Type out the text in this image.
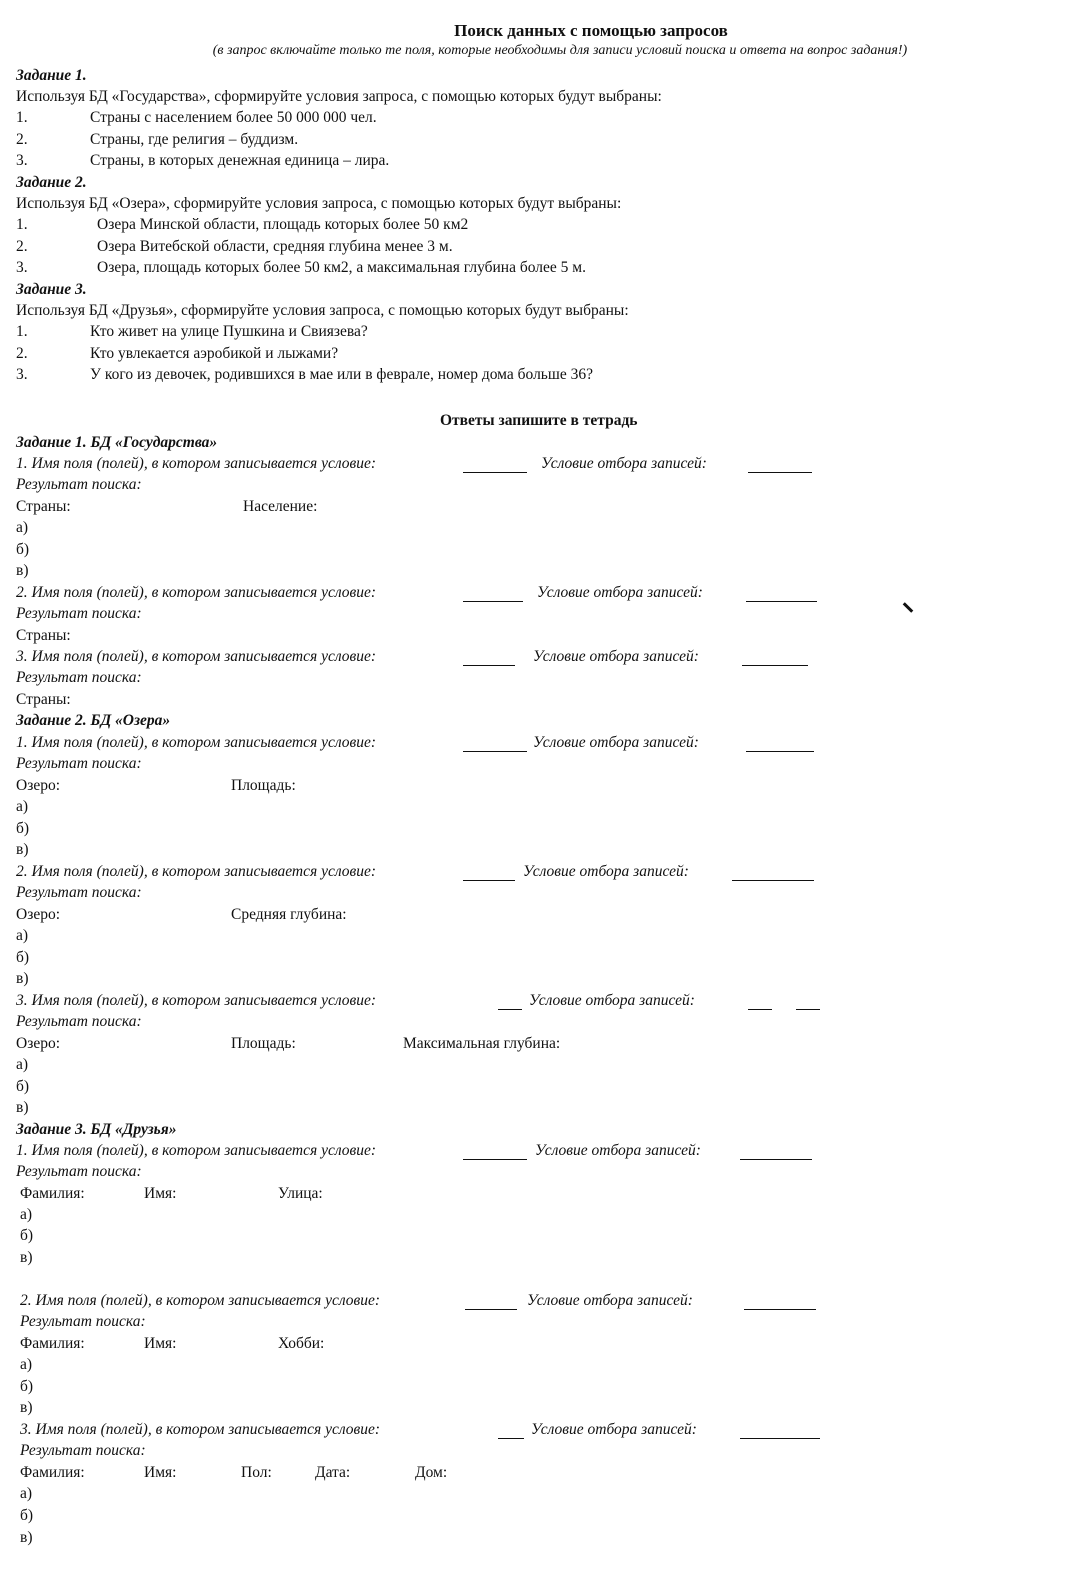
Поиск данных с помощью запросов
(в запрос включайте только те поля, которые необходимы для записи условий поиска и ответа на вопрос задания!)
Задание 1.
Используя БД «Государства», сформируйте условия запроса, с помощью которых будут выбраны:
1.	Страны с населением более 50 000 000 чел.
2.	Страны, где религия – буддизм.
3.	Страны, в которых денежная единица – лира.
Задание 2.
Используя БД «Озера», сформируйте условия запроса, с помощью которых будут выбраны:
1.	Озера Минской области, площадь которых более 50 км2
2.	Озера Витебской области, средняя глубина менее 3 м.
3.	Озера, площадь которых более 50 км2, а максимальная глубина более 5 м.
Задание 3.
Используя БД «Друзья», сформируйте условия запроса, с помощью которых будут выбраны:
1.	Кто живет на улице Пушкина и Свиязева?
2.	Кто увлекается аэробикой и лыжами?
3.	У кого из девочек, родившихся в мае или в феврале, номер дома больше 36?
Ответы запишите в тетрадь
Задание 1. БД «Государства»
1. Имя поля (полей), в котором записывается условие:	Условие отбора записей:
Результат поиска:
Страны:	Население:
а)
б)
в)
2. Имя поля (полей), в котором записывается условие:	Условие отбора записей:
Результат поиска:
Страны:
3. Имя поля (полей), в котором записывается условие:	Условие отбора записей:
Результат поиска:
Страны:
Задание 2. БД «Озера»
1. Имя поля (полей), в котором записывается условие:	Условие отбора записей:
Результат поиска:
Озеро:	Площадь:
а)
б)
в)
2. Имя поля (полей), в котором записывается условие:	Условие отбора записей:
Результат поиска:
Озеро:	Средняя глубина:
а)
б)
в)
3. Имя поля (полей), в котором записывается условие:	Условие отбора записей:
Результат поиска:
Озеро:	Площадь:	Максимальная глубина:
а)
б)
в)
Задание 3. БД «Друзья»
1. Имя поля (полей), в котором записывается условие:	Условие отбора записей:
Результат поиска:
Фамилия:	Имя:	Улица:
а)
б)
в)
2. Имя поля (полей), в котором записывается условие:	Условие отбора записей:
Результат поиска:
Фамилия:	Имя:	Хобби:
а)
б)
в)
3. Имя поля (полей), в котором записывается условие:	Условие отбора записей:
Результат поиска:
Фамилия:	Имя:	Пол:	Дата:	Дом:
а)
б)
в)
